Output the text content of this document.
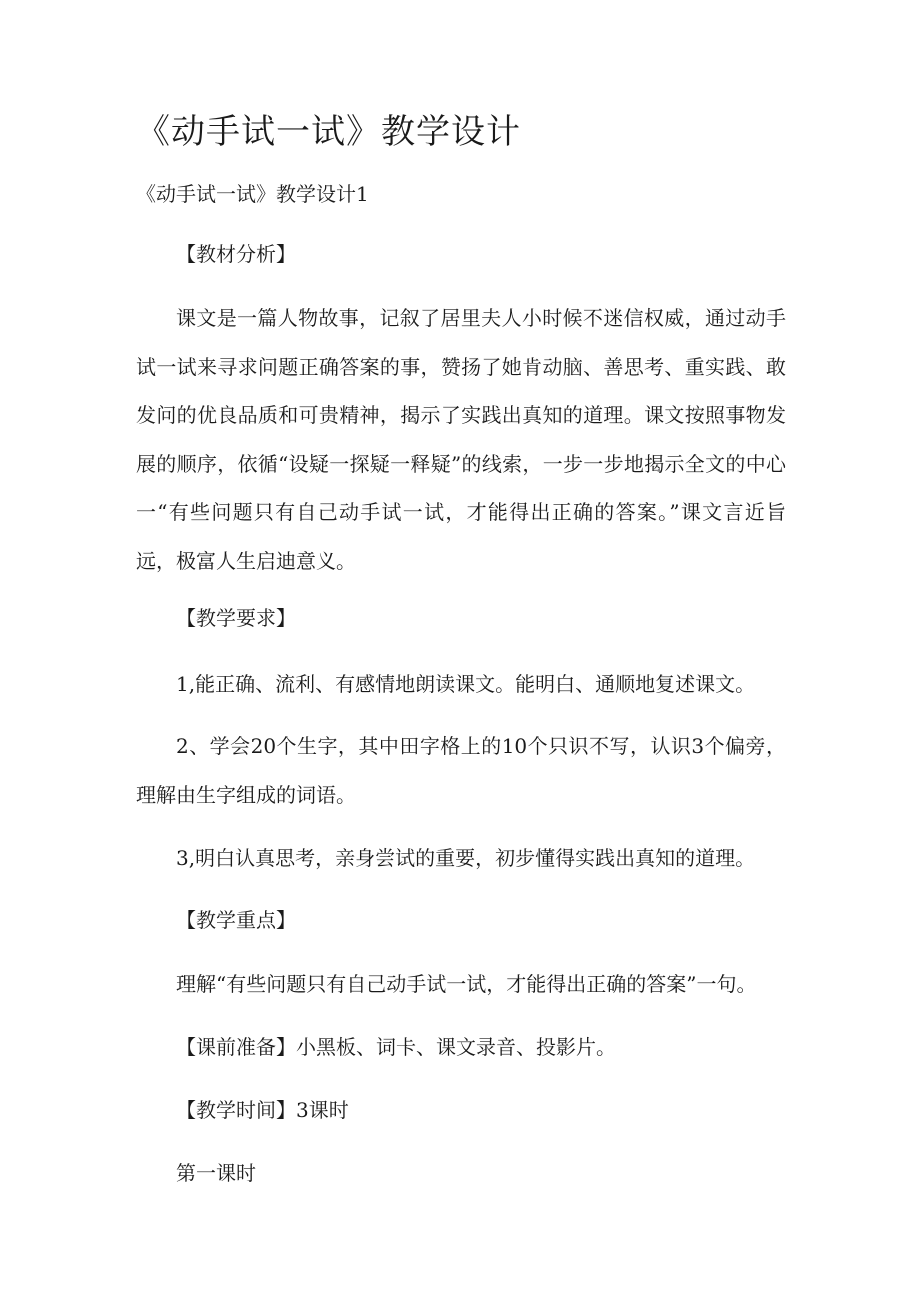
《动手试一试》教学设计
《动手试一试》教学设计1
【教材分析】

课文是一篇人物故事，记叙了居里夫人小时候不迷信权威，通过动手试一试来寻求问题正确答案的事，赞扬了她肯动脑、善思考、重实践、敢发问的优良品质和可贵精神，揭示了实践出真知的道理。课文按照事物发展的顺序，依循“设疑一探疑一释疑”的线索，一步一步地揭示全文的中心一“有些问题只有自己动手试一试，才能得出正确的答案。”课文言近旨远，极富人生启迪意义。

【教学要求】
1,能正确、流利、有感情地朗读课文。能明白、通顺地复述课文。

2、学会20个生字，其中田字格上的10个只识不写，认识3个偏旁，理解由生字组成的词语。

3,明白认真思考，亲身尝试的重要，初步懂得实践出真知的道理。
【教学重点】
理解“有些问题只有自己动手试一试，才能得出正确的答案”一句。
【课前准备】小黑板、词卡、课文录音、投影片。
【教学时间】3课时
第一课时
